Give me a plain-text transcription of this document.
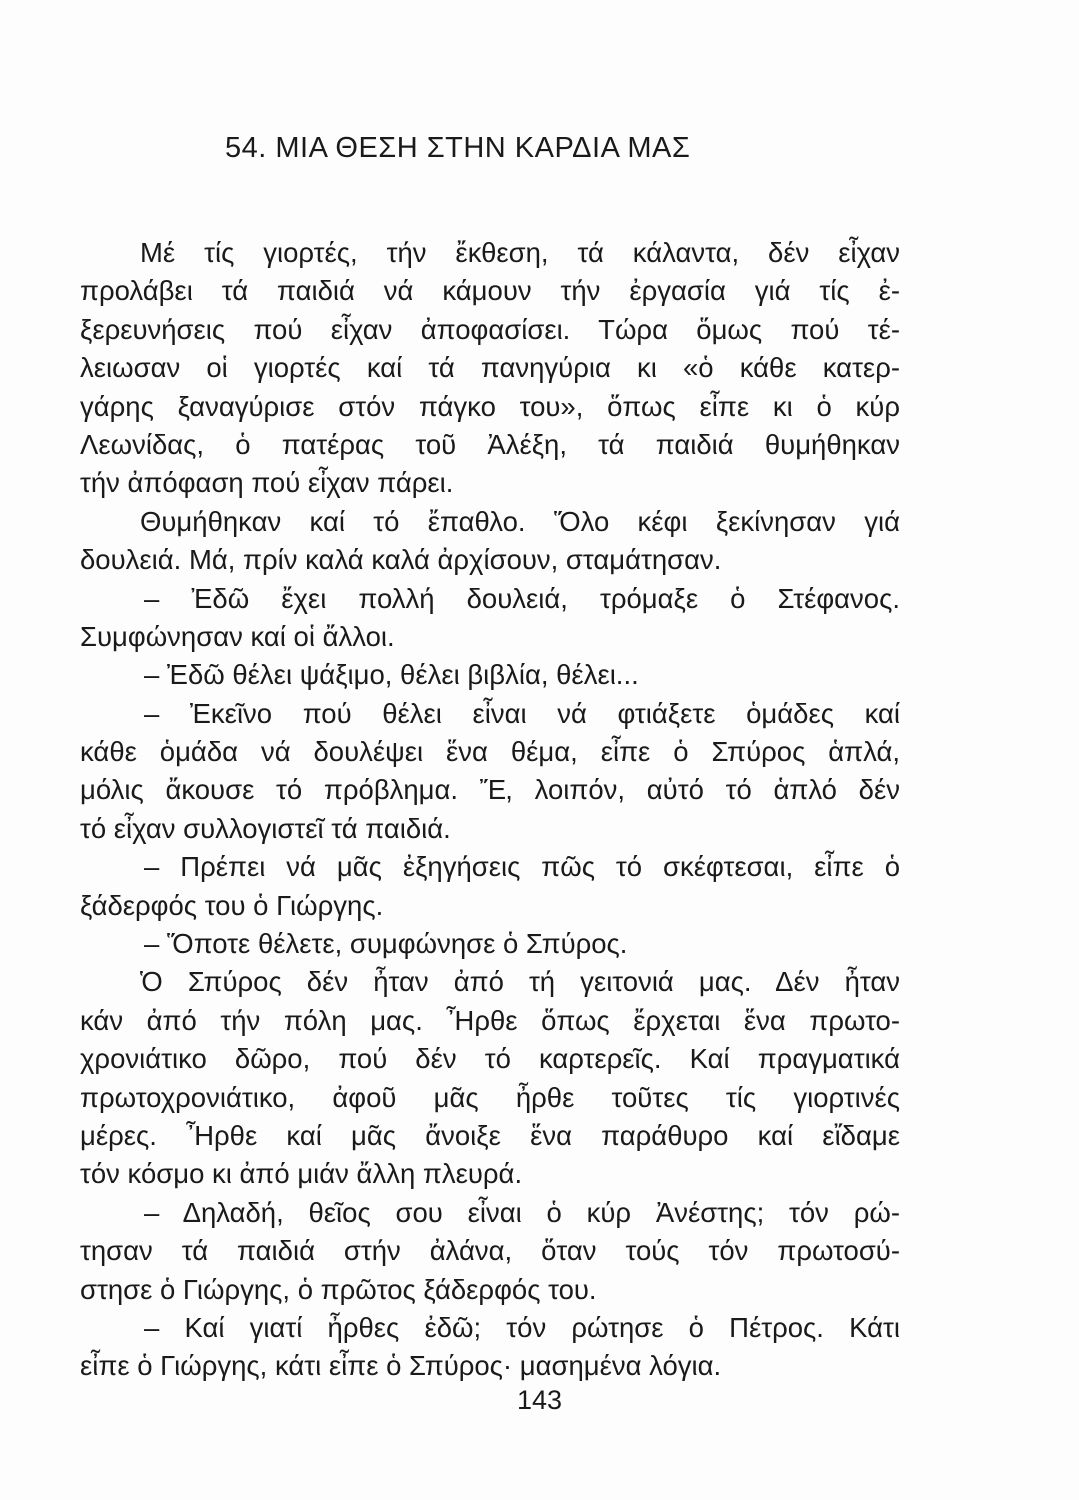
54. ΜΙΑ ΘΕΣΗ ΣΤΗΝ ΚΑΡΔΙΑ ΜΑΣ
Μέ τίς γιορτές, τήν ἔκθεση, τά κάλαντα, δέν εἶχαν
προλάβει τά παιδιά νά κάμουν τήν ἐργασία γιά τίς ἐ-
ξερευνήσεις πού εἶχαν ἀποφασίσει. Τώρα ὅμως πού τέ-
λειωσαν οἱ γιορτές καί τά πανηγύρια κι «ὁ κάθε κατερ-
γάρης ξαναγύρισε στόν πάγκο του», ὅπως εἶπε κι ὁ κύρ
Λεωνίδας, ὁ πατέρας τοῦ Ἀλέξη, τά παιδιά θυμήθηκαν
τήν ἀπόφαση πού εἶχαν πάρει.
Θυμήθηκαν καί τό ἔπαθλο. Ὅλο κέφι ξεκίνησαν γιά
δουλειά. Μά, πρίν καλά καλά ἀρχίσουν, σταμάτησαν.
– Ἐδῶ ἔχει πολλή δουλειά, τρόμαξε ὁ Στέφανος.
Συμφώνησαν καί οἱ ἄλλοι.
– Ἐδῶ θέλει ψάξιμο, θέλει βιβλία, θέλει...
– Ἐκεῖνο πού θέλει εἶναι νά φτιάξετε ὁμάδες καί
κάθε ὁμάδα νά δουλέψει ἕνα θέμα, εἶπε ὁ Σπύρος ἁπλά,
μόλις ἄκουσε τό πρόβλημα. Ἔ, λοιπόν, αὐτό τό ἁπλό δέν
τό εἶχαν συλλογιστεῖ τά παιδιά.
– Πρέπει νά μᾶς ἐξηγήσεις πῶς τό σκέφτεσαι, εἶπε ὁ
ξάδερφός του ὁ Γιώργης.
– Ὅποτε θέλετε, συμφώνησε ὁ Σπύρος.
Ὁ Σπύρος δέν ἦταν ἀπό τή γειτονιά μας. Δέν ἦταν
κάν ἀπό τήν πόλη μας. Ἦρθε ὅπως ἔρχεται ἕνα πρωτο-
χρονιάτικο δῶρο, πού δέν τό καρτερεῖς. Καί πραγματικά
πρωτοχρονιάτικο, ἀφοῦ μᾶς ἦρθε τοῦτες τίς γιορτινές
μέρες. Ἦρθε καί μᾶς ἄνοιξε ἕνα παράθυρο καί εἴδαμε
τόν κόσμο κι ἀπό μιάν ἄλλη πλευρά.
– Δηλαδή, θεῖος σου εἶναι ὁ κύρ Ἀνέστης; τόν ρώ-
τησαν τά παιδιά στήν ἀλάνα, ὅταν τούς τόν πρωτοσύ-
στησε ὁ Γιώργης, ὁ πρῶτος ξάδερφός του.
– Καί γιατί ἦρθες ἐδῶ; τόν ρώτησε ὁ Πέτρος. Κάτι
εἶπε ὁ Γιώργης, κάτι εἶπε ὁ Σπύρος· μασημένα λόγια.
143
